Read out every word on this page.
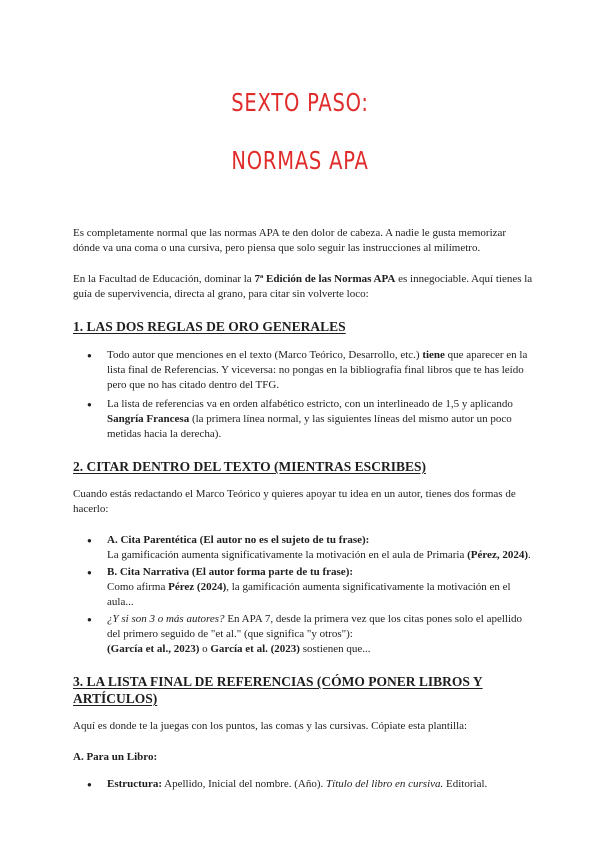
SEXTO PASO:
NORMAS APA

Es completamente normal que las normas APA te den dolor de cabeza. A nadie le gusta memorizar dónde va una coma o una cursiva, pero piensa que solo seguir las instrucciones al milímetro.

En la Facultad de Educación, dominar la 7ª Edición de las Normas APA es innegociable. Aquí tienes la guía de supervivencia, directa al grano, para citar sin volverte loco:

1. LAS DOS REGLAS DE ORO GENERALES
● Todo autor que menciones en el texto (Marco Teórico, Desarrollo, etc.) tiene que aparecer en la lista final de Referencias. Y viceversa: no pongas en la bibliografía final libros que te has leído pero que no has citado dentro del TFG.
● La lista de referencias va en orden alfabético estricto, con un interlineado de 1,5 y aplicando Sangría Francesa (la primera línea normal, y las siguientes líneas del mismo autor un poco metidas hacia la derecha).
2. CITAR DENTRO DEL TEXTO (MIENTRAS ESCRIBES)

Cuando estás redactando el Marco Teórico y quieres apoyar tu idea en un autor, tienes dos formas de hacerlo:

● A. Cita Parentética (El autor no es el sujeto de tu frase):
La gamificación aumenta significativamente la motivación en el aula de Primaria (Pérez, 2024).
● B. Cita Narrativa (El autor forma parte de tu frase):
Como afirma Pérez (2024), la gamificación aumenta significativamente la motivación en el aula...
● ¿Y si son 3 o más autores? En APA 7, desde la primera vez que los citas pones solo el apellido del primero seguido de "et al." (que significa "y otros"):
(García et al., 2023) o García et al. (2023) sostienen que...
3. LA LISTA FINAL DE REFERENCIAS (CÓMO PONER LIBROS Y ARTÍCULOS)

Aquí es donde te la juegas con los puntos, las comas y las cursivas. Cópiate esta plantilla:

A. Para un Libro:
● Estructura: Apellido, Inicial del nombre. (Año). Título del libro en cursiva. Editorial.
